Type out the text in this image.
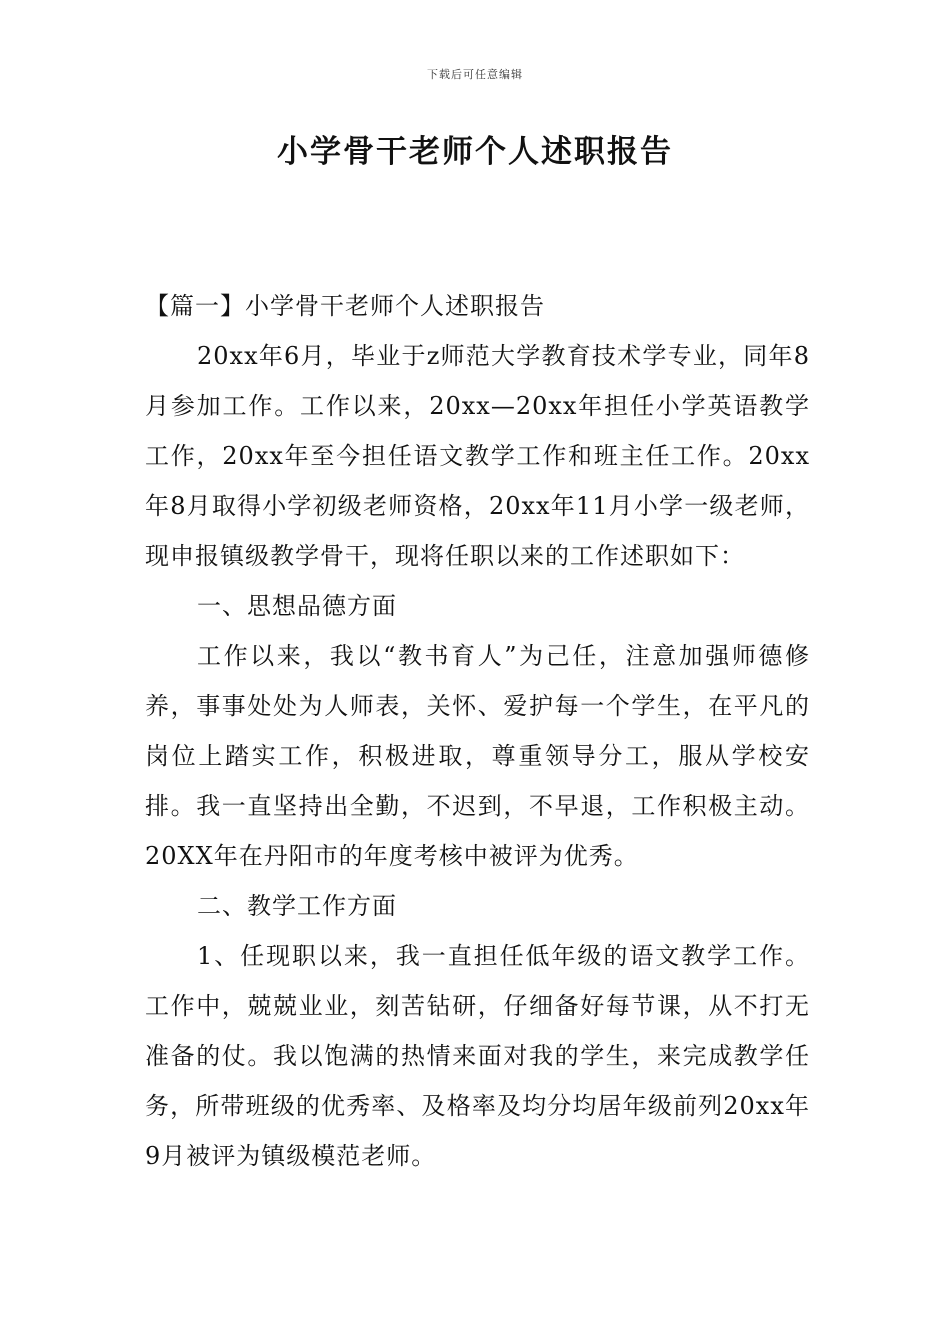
下载后可任意编辑
小学骨干老师个人述职报告

【篇一】小学骨干老师个人述职报告

20xx年6月，毕业于z师范大学教育技术学专业，同年8月参加工作。工作以来，20xx—20xx年担任小学英语教学工作，20xx年至今担任语文教学工作和班主任工作。20xx年8月取得小学初级老师资格，20xx年11月小学一级老师，现申报镇级教学骨干，现将任职以来的工作述职如下：

一、思想品德方面

工作以来，我以“教书育人”为己任，注意加强师德修养，事事处处为人师表，关怀、爱护每一个学生，在平凡的岗位上踏实工作，积极进取，尊重领导分工，服从学校安排。我一直坚持出全勤，不迟到，不早退，工作积极主动。20XX年在丹阳市的年度考核中被评为优秀。

二、教学工作方面

1、任现职以来，我一直担任低年级的语文教学工作。工作中，兢兢业业，刻苦钻研，仔细备好每节课，从不打无准备的仗。我以饱满的热情来面对我的学生，来完成教学任务，所带班级的优秀率、及格率及均分均居年级前列20xx年9月被评为镇级模范老师。
